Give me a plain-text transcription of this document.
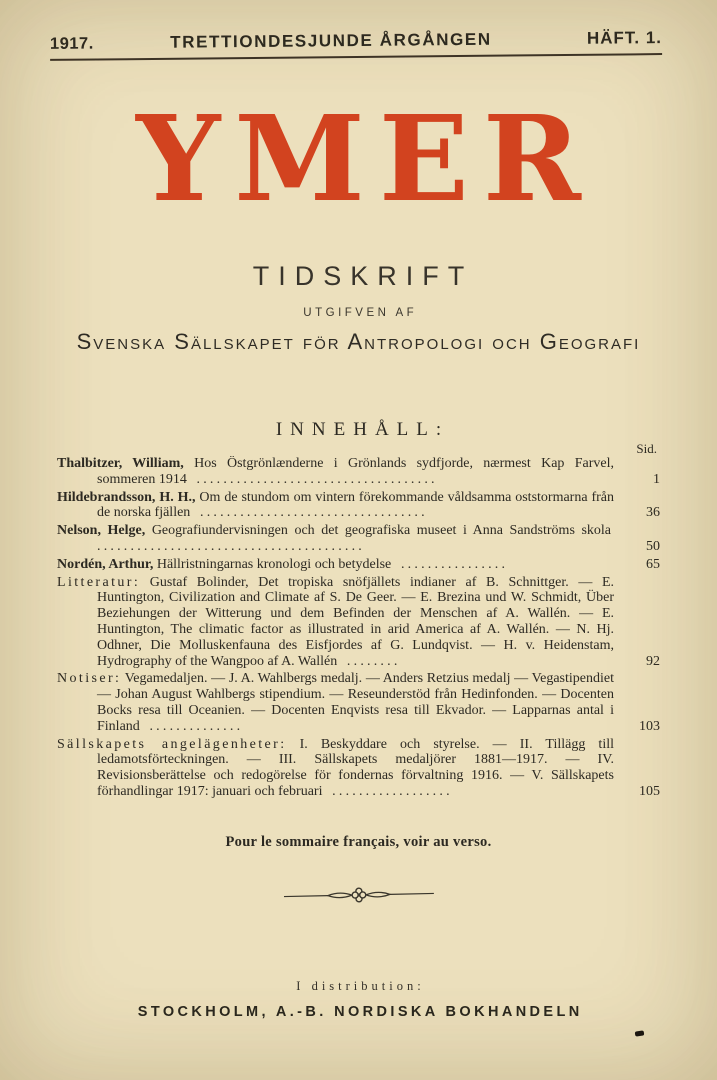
1917.	TRETTIONDESJUNDE ÅRGÅNGEN	HÄFT. 1.
YMER
TIDSKRIFT
UTGIFVEN AF
Svenska Sällskapet för Antropologi och Geografi
INNEHÅLL:
Sid.
Thalbitzer, William, Hos Östgrönlænderne i Grönlands sydfjorde, nærmest Kap Farvel, sommeren 1914 ....................................	1
Hildebrandsson, H. H., Om de stundom om vintern förekommande våldsamma oststormarna från de norska fjällen ..................................	36
Nelson, Helge, Geografiundervisningen och det geografiska museet i Anna Sandströms skola ........................................	50
Nordén, Arthur, Hällristningarnas kronologi och betydelse ................	65
Litteratur: Gustaf Bolinder, Det tropiska snöfjällets indianer af B. Schnittger. — E. Huntington, Civilization and Climate af S. De Geer. — E. Brezina und W. Schmidt, Über Beziehungen der Witterung und dem Befinden der Menschen af A. Wallén. — E. Huntington, The climatic factor as illustrated in arid America af A. Wallén. — N. Hj. Odhner, Die Molluskenfauna des Eisfjordes af G. Lundqvist. — H. v. Heidenstam, Hydrography of the Wangpoo af A. Wallén ........	92
Notiser: Vegamedaljen. — J. A. Wahlbergs medalj. — Anders Retzius medalj — Vegastipendiet — Johan August Wahlbergs stipendium. — Reseunderstöd från Hedinfonden. — Docenten Bocks resa till Oceanien. — Docenten Enqvists resa till Ekvador. — Lapparnas antal i Finland ..............	103
Sällskapets angelägenheter: I. Beskyddare och styrelse. — II. Tillägg till ledamotsförteckningen. — III. Sällskapets medaljörer 1881—1917. — IV. Revisionsberättelse och redogörelse för fondernas förvaltning 1916. — V. Sällskapets förhandlingar 1917: januari och februari ..................	105
Pour le sommaire français, voir au verso.
I distribution:
STOCKHOLM, A.-B. NORDISKA BOKHANDELN
